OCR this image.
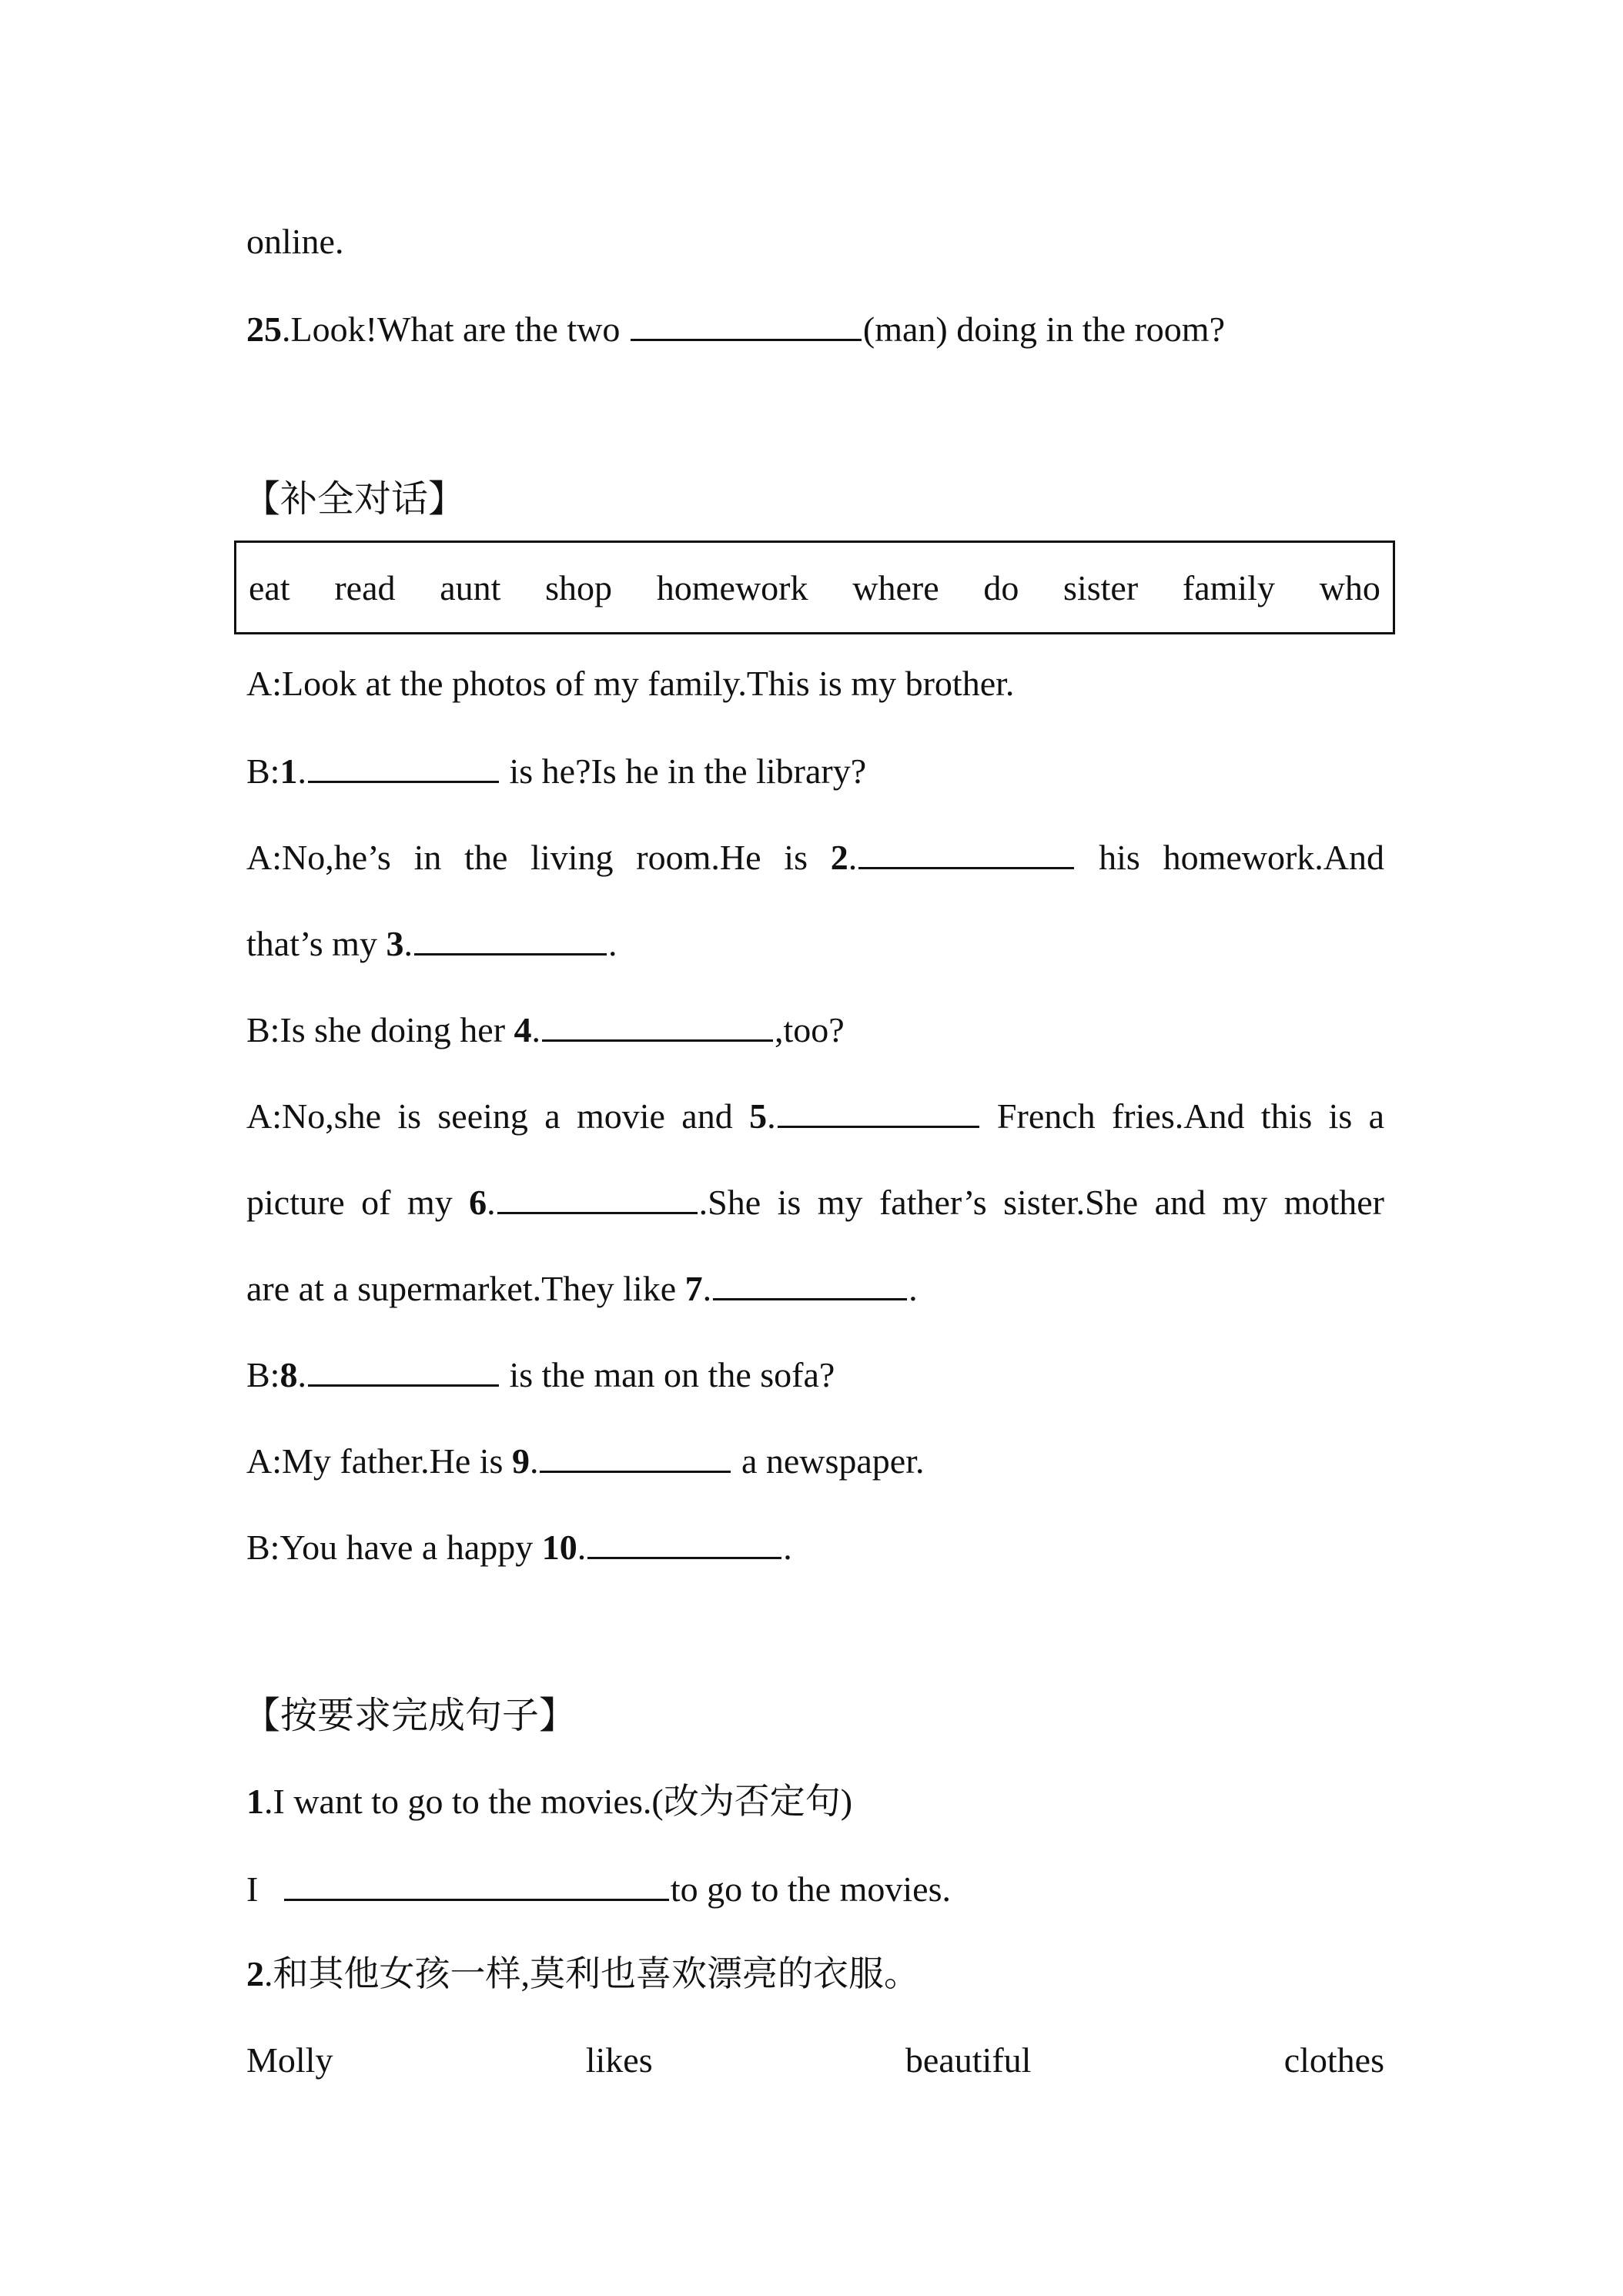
online.
25.Look!What are the two	(man) doing in the room?
【补全对话】
eat read aunt shop homework where do sister family who
A:Look at the photos of my family.This is my brother.
B:1.	is he?Is he in the library?
A:No,he’s in the living room.He is 2.	his homework.And
that’s my 3.	.
B:Is she doing her 4.	,too?
A:No,she is seeing a movie and 5.	French fries.And this is a
picture of my 6.	.She is my father’s sister.She and my mother
are at a supermarket.They like 7.	.
B:8.	is the man on the sofa?
A:My father.He is 9.	a newspaper.
B:You have a happy 10.	.
【按要求完成句子】
1.I want to go to the movies.(改为否定句)
I	to go to the movies.
2.和其他女孩一样,莫利也喜欢漂亮的衣服。
Molly	likes	beautiful	clothes
